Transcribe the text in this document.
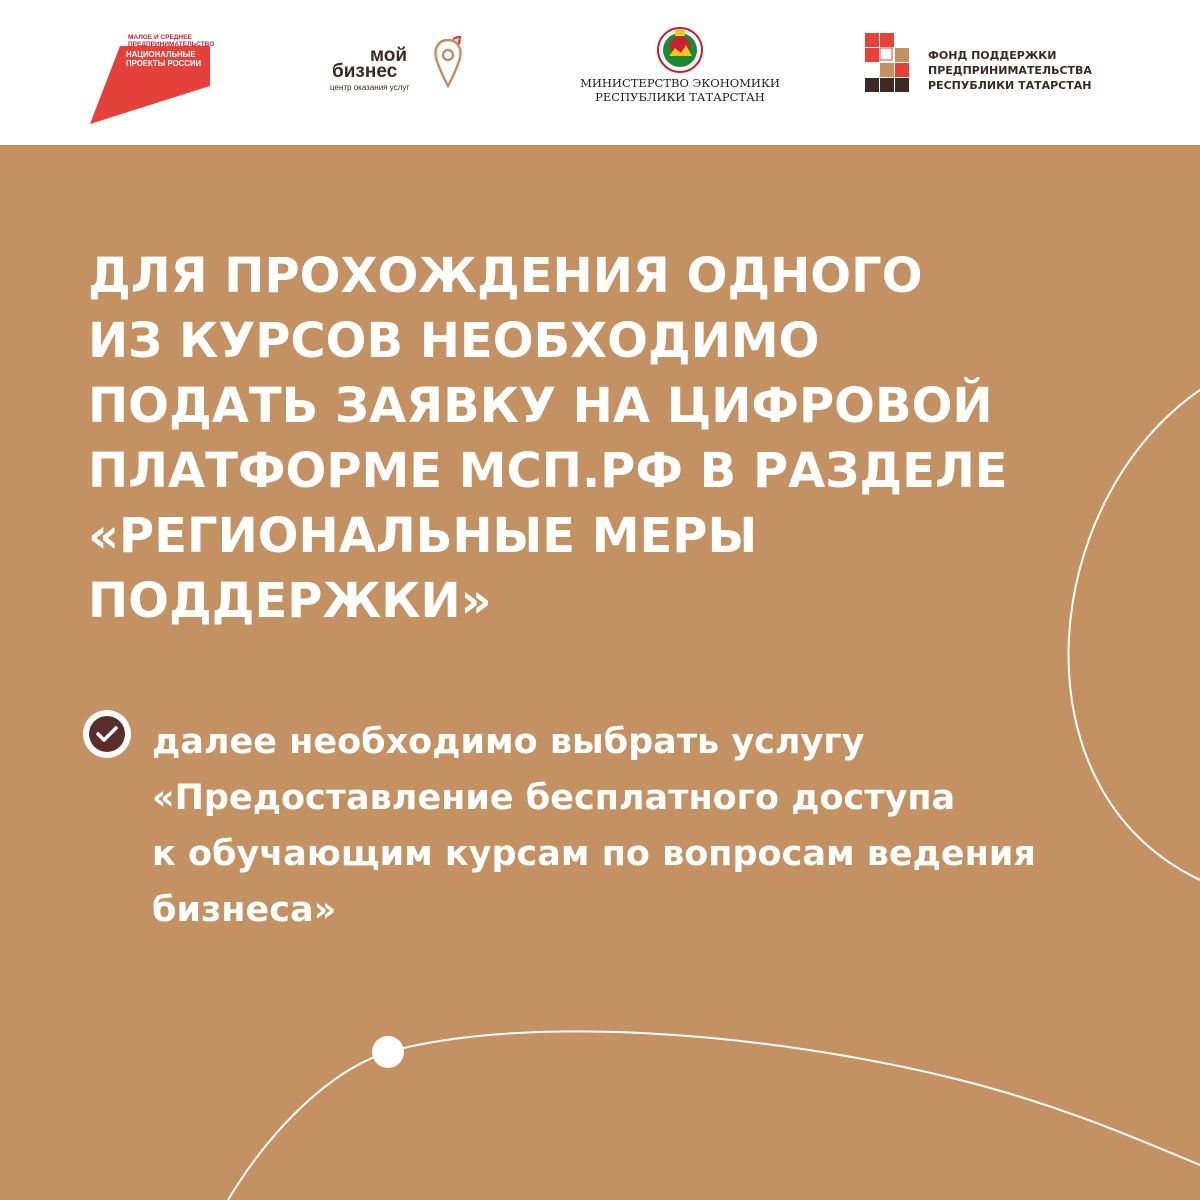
МАЛОЕ И СРЕДНЕЕ ПРЕДПРИНИМАТЕЛЬСТВО
НАЦИОНАЛЬНЫЕ ПРОЕКТЫ РОССИИ	мой
бизнес
центр оказания услуг	МИНИСТЕРСТВО ЭКОНОМИКИ
РЕСПУБЛИКИ ТАТАРСТАН
ФОНД ПОДДЕРЖКИ
ПРЕДПРИНИМАТЕЛЬСТВА
РЕСПУБЛИКИ ТАТАРСТАН
ДЛЯ ПРОХОЖДЕНИЯ ОДНОГО
ИЗ КУРСОВ НЕОБХОДИМО
ПОДАТЬ ЗАЯВКУ НА ЦИФРОВОЙ
ПЛАТФОРМЕ МСП.РФ В РАЗДЕЛЕ
«РЕГИОНАЛЬНЫЕ МЕРЫ
ПОДДЕРЖКИ»

далее необходимо выбрать услугу
«Предоставление бесплатного доступа
к обучающим курсам по вопросам ведения
бизнеса»
